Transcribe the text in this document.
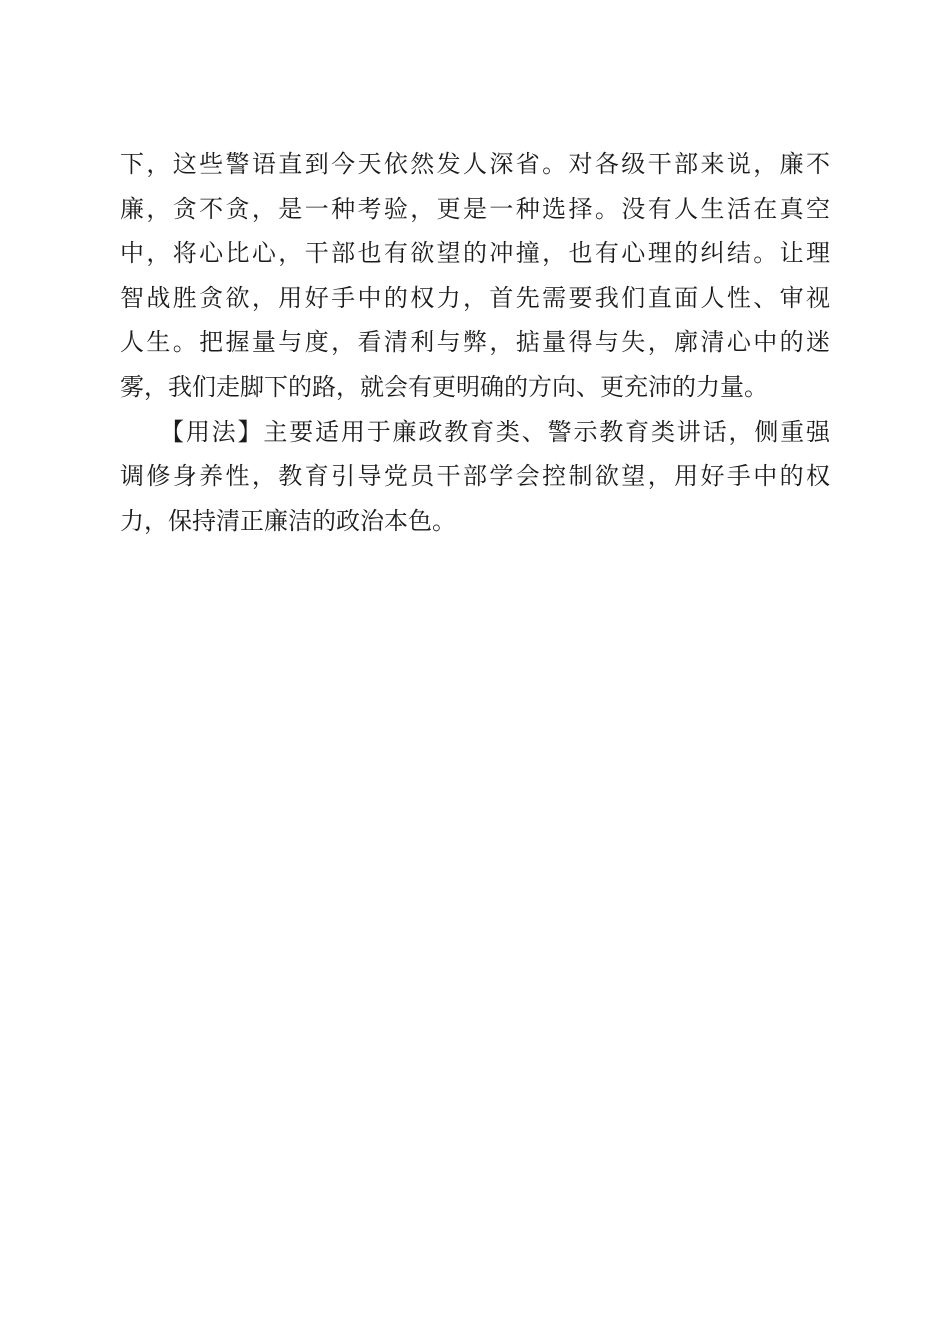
下，这些警语直到今天依然发人深省。对各级干部来说，廉不
廉，贪不贪，是一种考验，更是一种选择。没有人生活在真空
中，将心比心，干部也有欲望的冲撞，也有心理的纠结。让理
智战胜贪欲，用好手中的权力，首先需要我们直面人性、审视
人生。把握量与度，看清利与弊，掂量得与失，廓清心中的迷
雾，我们走脚下的路，就会有更明确的方向、更充沛的力量。
【用法】主要适用于廉政教育类、警示教育类讲话，侧重强
调修身养性，教育引导党员干部学会控制欲望，用好手中的权
力，保持清正廉洁的政治本色。
